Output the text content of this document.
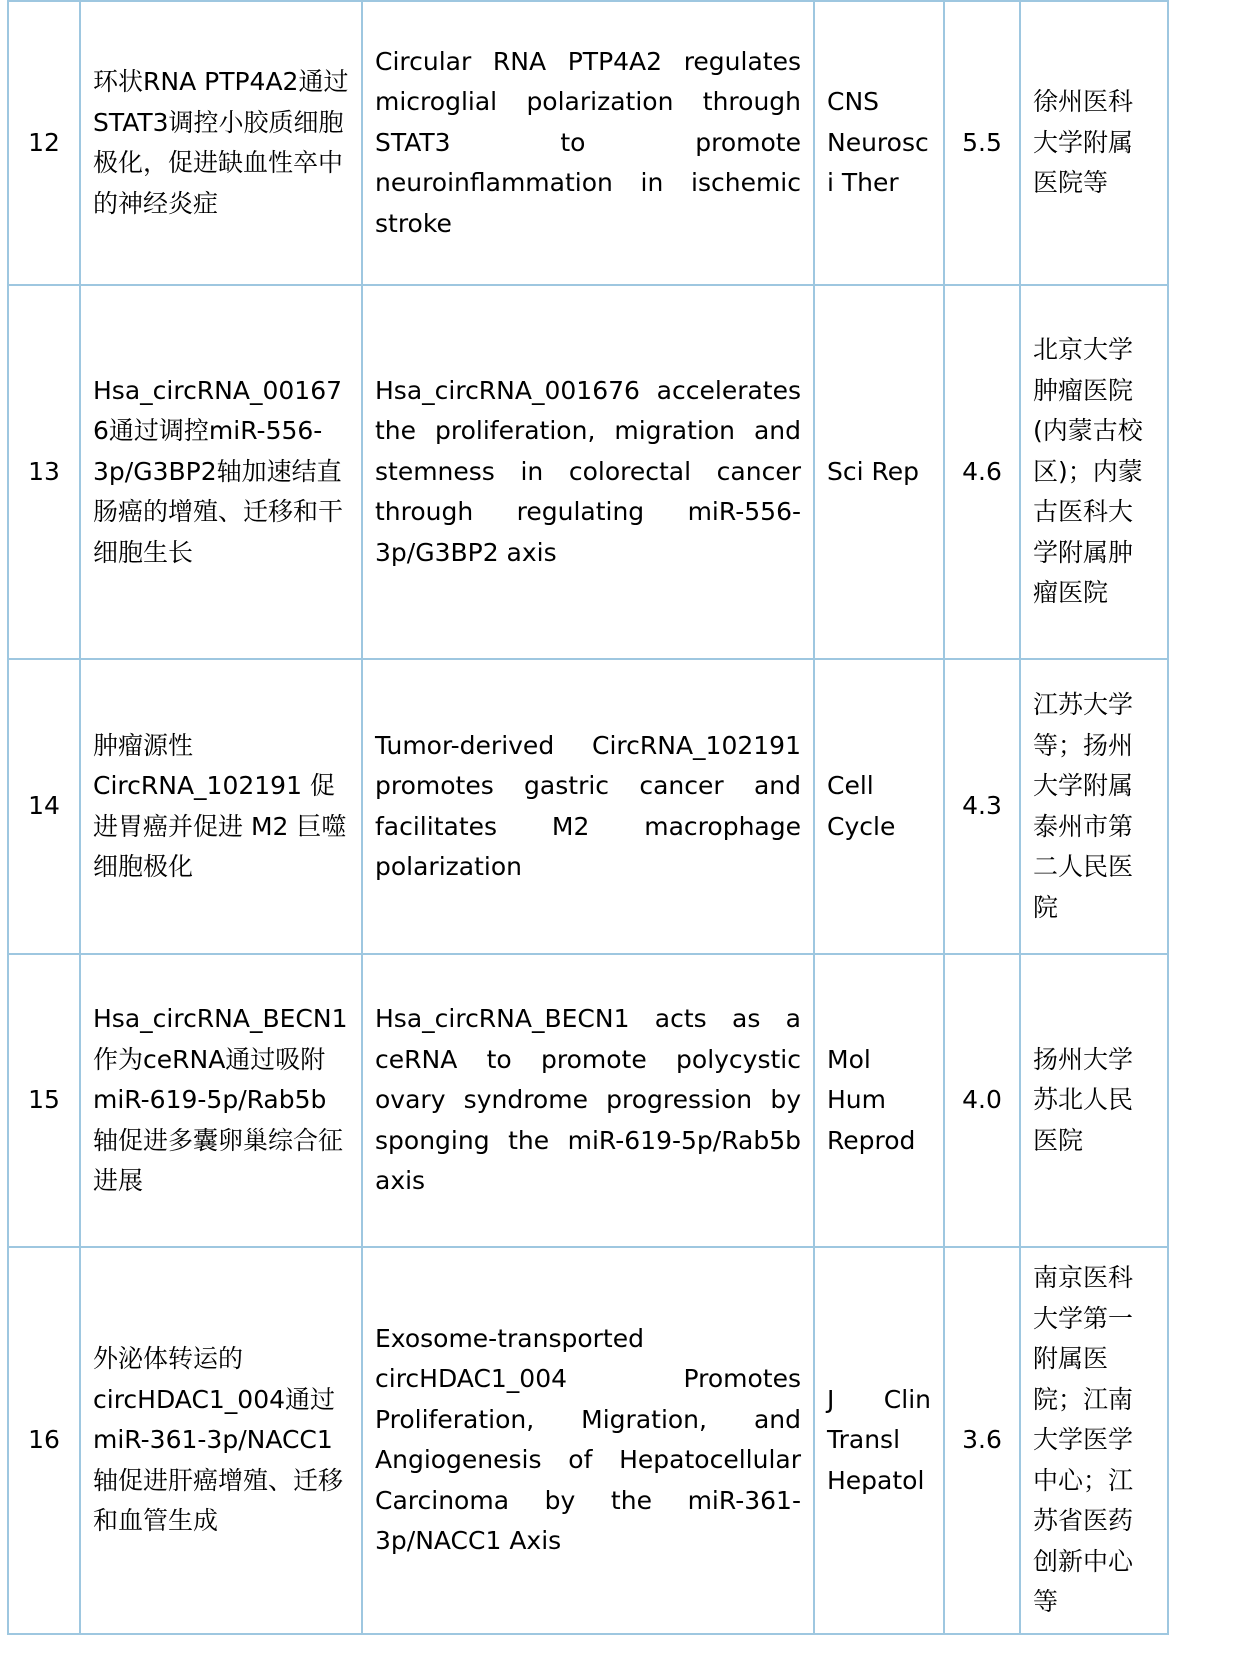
12	环状RNA PTP4A2通过STAT3调控小胶质细胞极化，促进缺血性卒中的神经炎症	Circular RNA PTP4A2 regulates microglial polarization through STAT3 to promote neuroinflammation in ischemic stroke	CNS Neurosci Ther	5.5	徐州医科大学附属医院等
13	Hsa_circRNA_001676通过调控miR-556-3p/G3BP2轴加速结直肠癌的增殖、迁移和干细胞生长	Hsa_circRNA_001676 accelerates the proliferation, migration and stemness in colorectal cancer through regulating miR-556-3p/G3BP2 axis	Sci Rep	4.6	北京大学肿瘤医院(内蒙古校区)；内蒙古医科大学附属肿瘤医院
14	肿瘤源性CircRNA_102191 促进胃癌并促进 M2 巨噬细胞极化	Tumor-derived CircRNA_102191 promotes gastric cancer and facilitates M2 macrophage polarization	Cell Cycle	4.3	江苏大学等；扬州大学附属泰州市第二人民医院
15	Hsa_circRNA_BECN1作为ceRNA通过吸附miR-619-5p/Rab5b轴促进多囊卵巢综合征进展	Hsa_circRNA_BECN1 acts as a ceRNA to promote polycystic ovary syndrome progression by sponging the miR-619-5p/Rab5b axis	Mol Hum Reprod	4.0	扬州大学苏北人民医院
16	外泌体转运的circHDAC1_004通过miR-361-3p/NACC1轴促进肝癌增殖、迁移和血管生成	Exosome-transported circHDAC1_004 Promotes Proliferation, Migration, and Angiogenesis of Hepatocellular Carcinoma by the miR-361-3p/NACC1 Axis	J Clin Transl Hepatol	3.6	南京医科大学第一附属医院；江南大学医学中心；江苏省医药创新中心等
